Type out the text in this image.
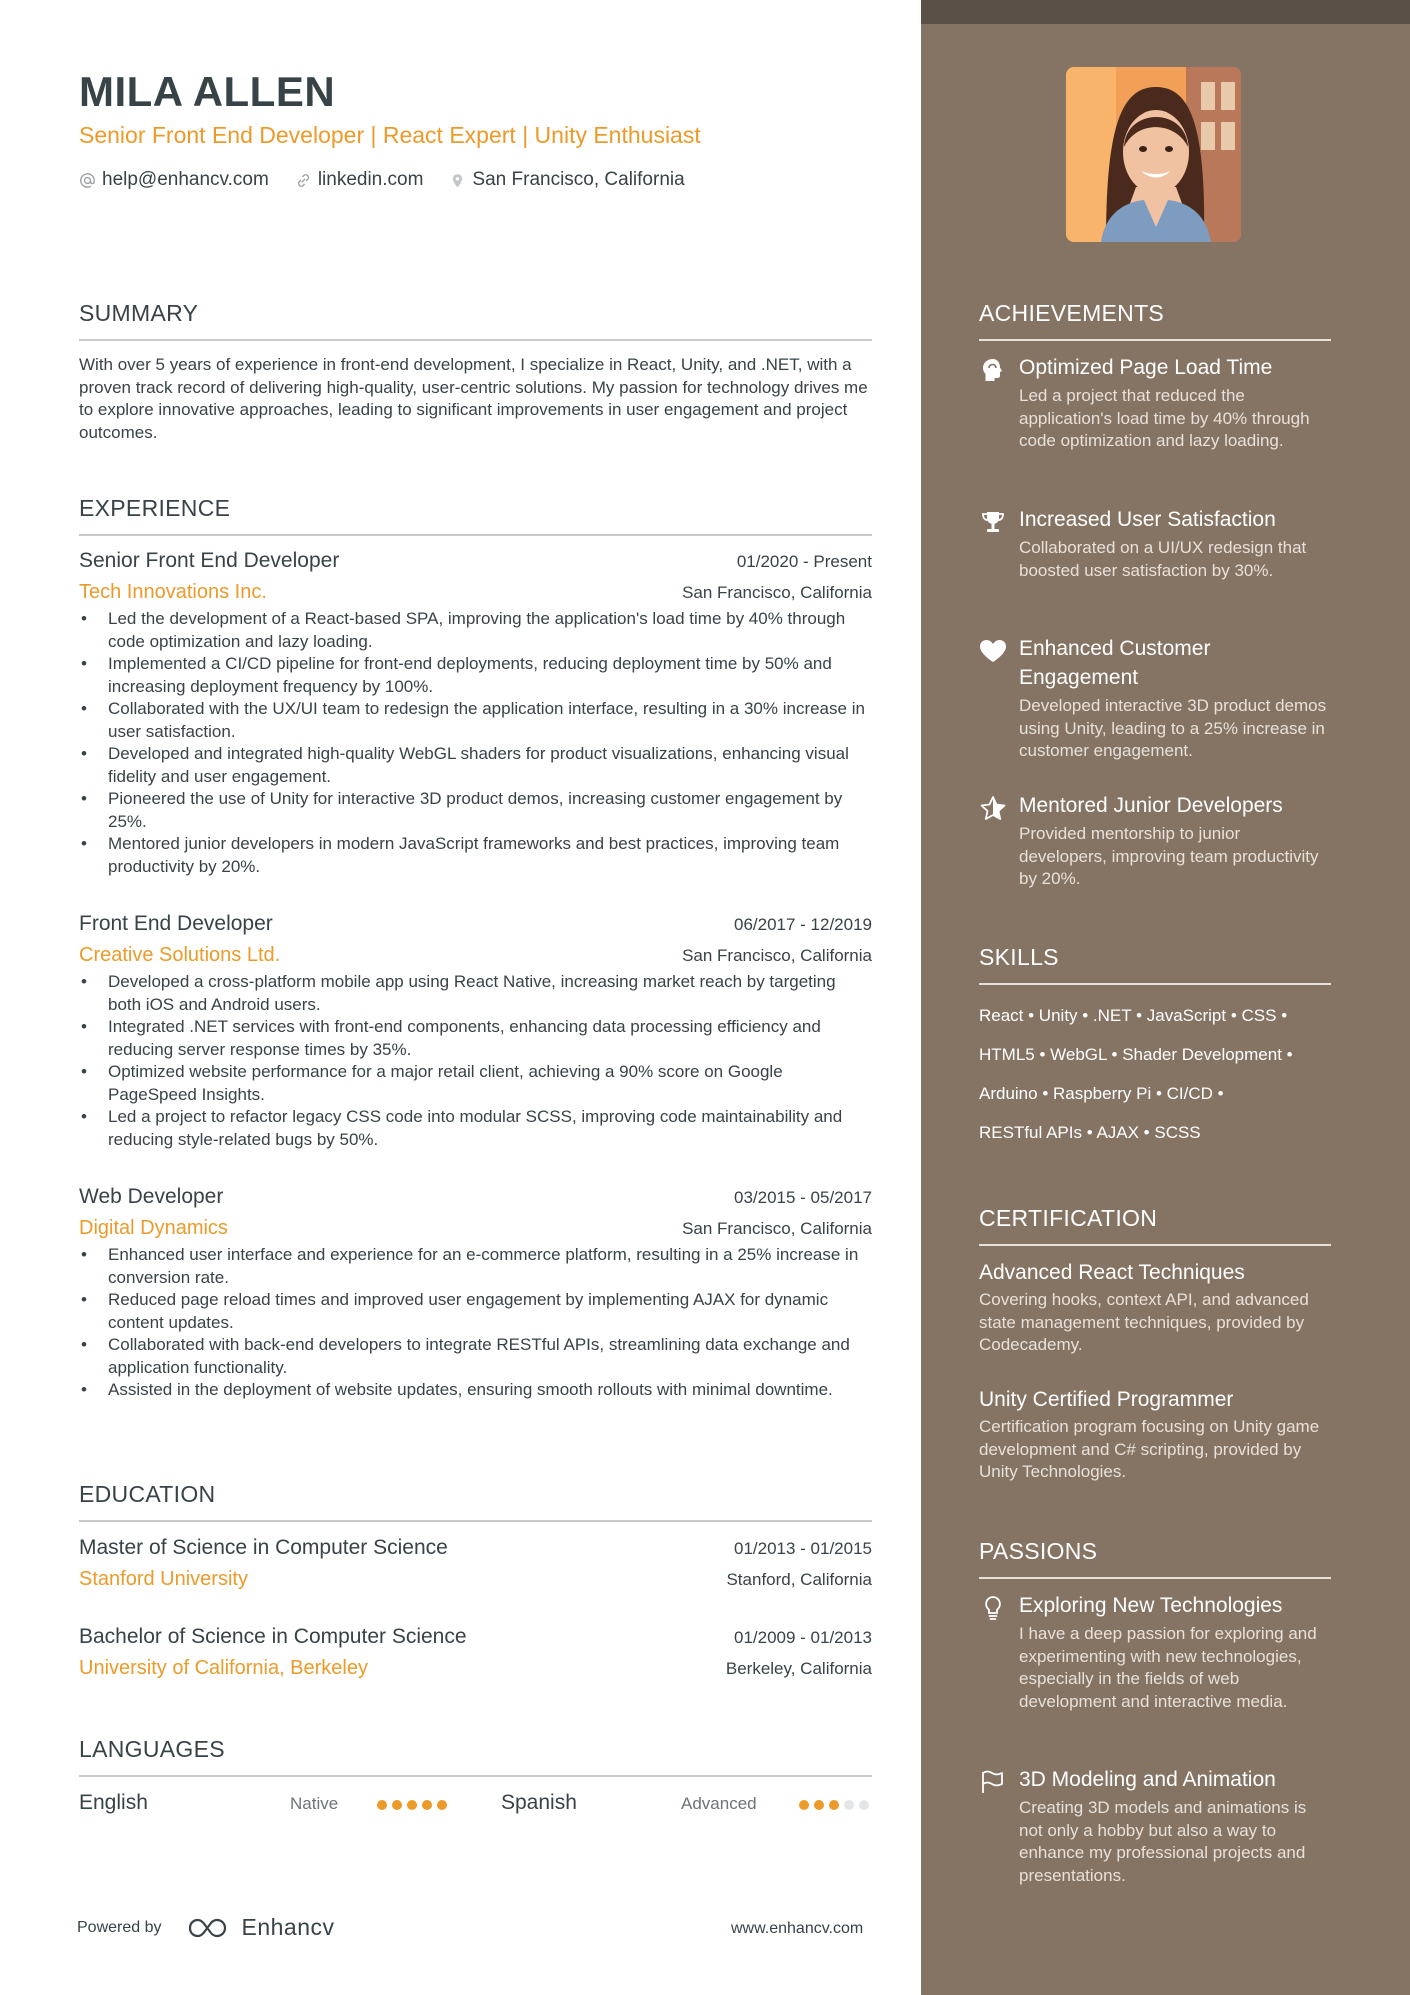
MILA ALLEN
Senior Front End Developer | React Expert | Unity Enthusiast
help@enhancv.com	linkedin.com	San Francisco, California
SUMMARY
With over 5 years of experience in front-end development, I specialize in React, Unity, and .NET, with a proven track record of delivering high-quality, user-centric solutions. My passion for technology drives me to explore innovative approaches, leading to significant improvements in user engagement and project outcomes.
EXPERIENCE
Senior Front End Developer	01/2020 - Present
Tech Innovations Inc.	San Francisco, California
• Led the development of a React-based SPA, improving the application's load time by 40% through code optimization and lazy loading.
• Implemented a CI/CD pipeline for front-end deployments, reducing deployment time by 50% and increasing deployment frequency by 100%.
• Collaborated with the UX/UI team to redesign the application interface, resulting in a 30% increase in user satisfaction.
• Developed and integrated high-quality WebGL shaders for product visualizations, enhancing visual fidelity and user engagement.
• Pioneered the use of Unity for interactive 3D product demos, increasing customer engagement by 25%.
• Mentored junior developers in modern JavaScript frameworks and best practices, improving team productivity by 20%.
Front End Developer	06/2017 - 12/2019
Creative Solutions Ltd.	San Francisco, California
• Developed a cross-platform mobile app using React Native, increasing market reach by targeting both iOS and Android users.
• Integrated .NET services with front-end components, enhancing data processing efficiency and reducing server response times by 35%.
• Optimized website performance for a major retail client, achieving a 90% score on Google PageSpeed Insights.
• Led a project to refactor legacy CSS code into modular SCSS, improving code maintainability and reducing style-related bugs by 50%.
Web Developer	03/2015 - 05/2017
Digital Dynamics	San Francisco, California
• Enhanced user interface and experience for an e-commerce platform, resulting in a 25% increase in conversion rate.
• Reduced page reload times and improved user engagement by implementing AJAX for dynamic content updates.
• Collaborated with back-end developers to integrate RESTful APIs, streamlining data exchange and application functionality.
• Assisted in the deployment of website updates, ensuring smooth rollouts with minimal downtime.
EDUCATION
Master of Science in Computer Science	01/2013 - 01/2015
Stanford University	Stanford, California
Bachelor of Science in Computer Science	01/2009 - 01/2013
University of California, Berkeley	Berkeley, California
LANGUAGES
English	Native	Spanish	Advanced
Powered by	Enhancv	www.enhancv.com
ACHIEVEMENTS
Optimized Page Load Time
Led a project that reduced the application's load time by 40% through code optimization and lazy loading.
Increased User Satisfaction
Collaborated on a UI/UX redesign that boosted user satisfaction by 30%.
Enhanced Customer Engagement
Developed interactive 3D product demos using Unity, leading to a 25% increase in customer engagement.
Mentored Junior Developers
Provided mentorship to junior developers, improving team productivity by 20%.
SKILLS
React • Unity • .NET • JavaScript • CSS •
HTML5 • WebGL • Shader Development •
Arduino • Raspberry Pi • CI/CD •
RESTful APIs • AJAX • SCSS
CERTIFICATION
Advanced React Techniques
Covering hooks, context API, and advanced state management techniques, provided by Codecademy.
Unity Certified Programmer
Certification program focusing on Unity game development and C# scripting, provided by Unity Technologies.
PASSIONS
Exploring New Technologies
I have a deep passion for exploring and experimenting with new technologies, especially in the fields of web development and interactive media.
3D Modeling and Animation
Creating 3D models and animations is not only a hobby but also a way to enhance my professional projects and presentations.
